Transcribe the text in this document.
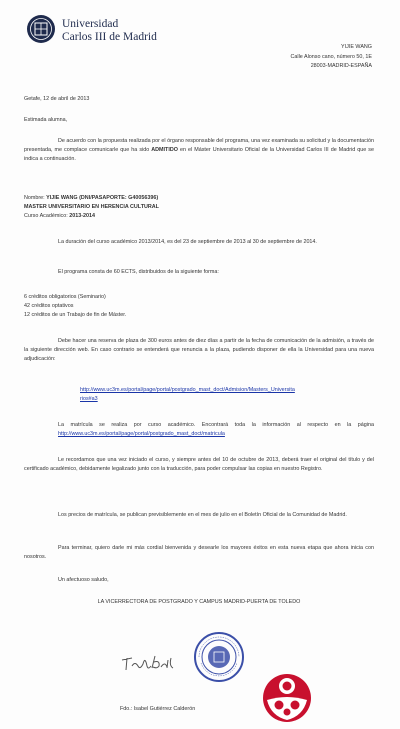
Universidad
Carlos III de Madrid
YIJIE WANG
Calle Alonso cano, número 50, 1E
28003-MADRID-ESPAÑA
Getafe, 12 de abril de 2013
Estimada alumna,
De acuerdo con la propuesta realizada por el órgano responsable del programa, una vez examinada su solicitud y la documentación presentada, me complace comunicarle que ha sido ADMITIDO en el Máster Universitario Oficial de la Universidad Carlos III de Madrid que se indica a continuación.
Nombre: YIJIE WANG (DNI/PASAPORTE: G40056396)
MASTER UNIVERSITARIO EN HERENCIA CULTURAL
Curso Académico: 2013-2014
La duración del curso académico 2013/2014, es del 23 de septiembre de 2013 al 30 de septiembre de 2014.
El programa consta de 60 ECTS, distribuidos de la siguiente forma:
6 créditos obligatorios (Seminario)
42 créditos optativos
12 créditos de un Trabajo de fin de Máster.
Debe hacer una reserva de plaza de 300 euros antes de diez días a partir de la fecha de comunicación de la admisión, a través de la siguiente dirección web. En caso contrario se entenderá que renuncia a la plaza, pudiendo disponer de ella la Universidad para una nueva adjudicación:
http://www.uc3m.es/portal/page/portal/postgrado_mast_doct/Admision/Masters_Universita
rios#a3
La matrícula se realiza por curso académico. Encontrará toda la información al respecto en la página http://www.uc3m.es/portal/page/portal/postgrado_mast_doct/matricula
Le recordamos que una vez iniciado el curso, y siempre antes del 10 de octubre de 2013, deberá traer el original del título y del certificado académico, debidamente legalizado junto con la traducción, para poder compulsar las copias en nuestro Registro.
Los precios de matrícula, se publican previsiblemente en el mes de julio en el Boletín Oficial de la Comunidad de Madrid.
Para terminar, quiero darle mi más cordial bienvenida y desearle los mayores éxitos en esta nueva etapa que ahora inicia con nosotros.
Un afectuoso saludo,
LA VICERRECTORA DE POSTGRADO Y CAMPUS MADRID-PUERTA DE TOLEDO
Fdo.: Isabel Gutiérrez Calderón
